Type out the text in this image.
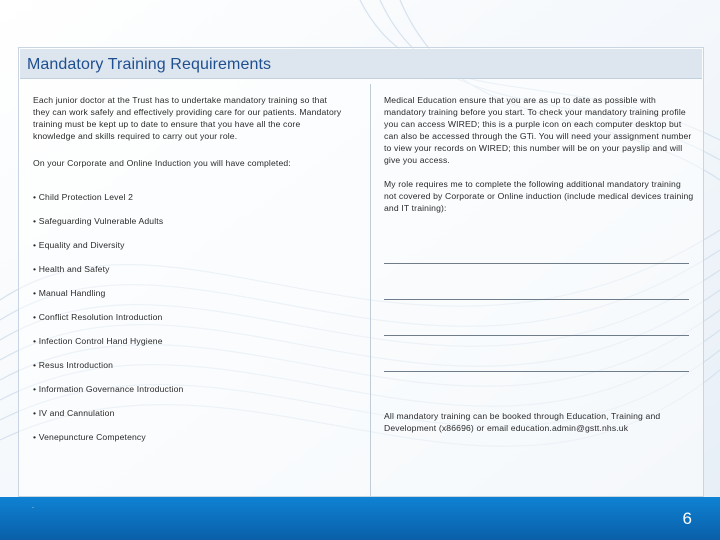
Mandatory Training Requirements

Each junior doctor at the Trust has to undertake mandatory training so that they can work safely and effectively providing care for our patients. Mandatory training must be kept up to date to ensure that you have all the core knowledge and skills required to carry out your role.

On your Corporate and Online Induction you will have completed:

• Child Protection Level 2
• Safeguarding Vulnerable Adults
• Equality and Diversity
• Health and Safety
• Manual Handling
• Conflict Resolution Introduction
• Infection Control Hand Hygiene
• Resus Introduction
• Information Governance Introduction
• IV and Cannulation
• Venepuncture Competency

Medical Education ensure that you are as up to date as possible with mandatory training before you start. To check your mandatory training profile you can access WIRED; this is a purple icon on each computer desktop but can also be accessed through the GTi. You will need your assignment number to view your records on WIRED; this number will be on your payslip and will give you access.

My role requires me to complete the following additional mandatory training not covered by Corporate or Online induction (include medical devices training and IT training):

All mandatory training can be booked through Education, Training and Development (x86696) or email education.admin@gstt.nhs.uk

.
6
